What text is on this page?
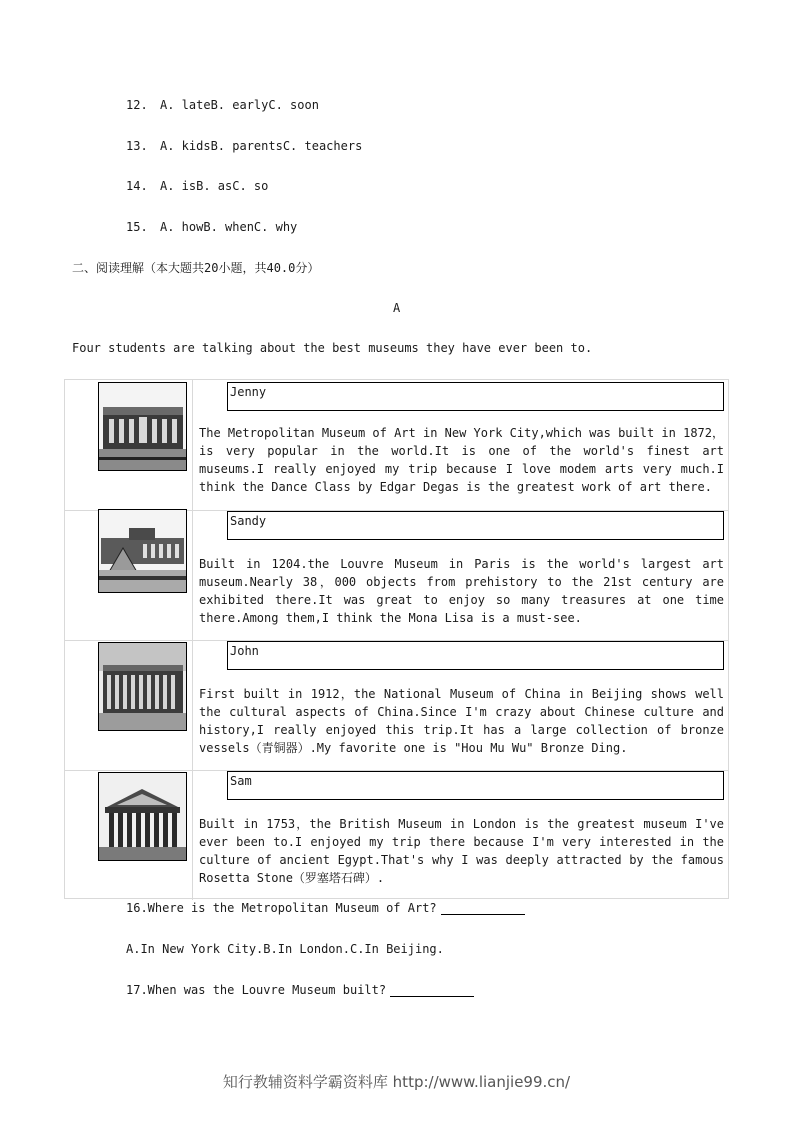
12. A. lateB. earlyC. soon
13. A. kidsB. parentsC. teachers
14. A. isB. asC. so
15. A. howB. whenC. why
二、阅读理解（本大题共20小题，共40.0分）
A
Four students are talking about the best museums they have ever been to.
Jenny
The Metropolitan Museum of Art in New York City,which was built in 1872，is very popular in the world.It is one of the world's finest art museums.I really enjoyed my trip because I love modem arts very much.I think the Dance Class by Edgar Degas is the greatest work of art there.
Sandy
Built in 1204.the Louvre Museum in Paris is the world's largest art museum.Nearly 38，000 objects from prehistory to the 21st century are exhibited there.It was great to enjoy so many treasures at one time there.Among them,I think the Mona Lisa is a must-see.
John
First built in 1912，the National Museum of China in Beijing shows well the cultural aspects of China.Since I'm crazy about Chinese culture and history,I really enjoyed this trip.It has a large collection of bronze vessels（青铜器）.My favorite one is "Hou Mu Wu" Bronze Ding.
Sam
Built in 1753，the British Museum in London is the greatest museum I've ever been to.I enjoyed my trip there because I'm very interested in the culture of ancient Egypt.That's why I was deeply attracted by the famous Rosetta Stone（罗塞塔石碑）.
16.Where is the Metropolitan Museum of Art?
A.In New York City.B.In London.C.In Beijing.
17.When was the Louvre Museum built?
知行教辅资料学霸资料库 http://www.lianjie99.cn/
